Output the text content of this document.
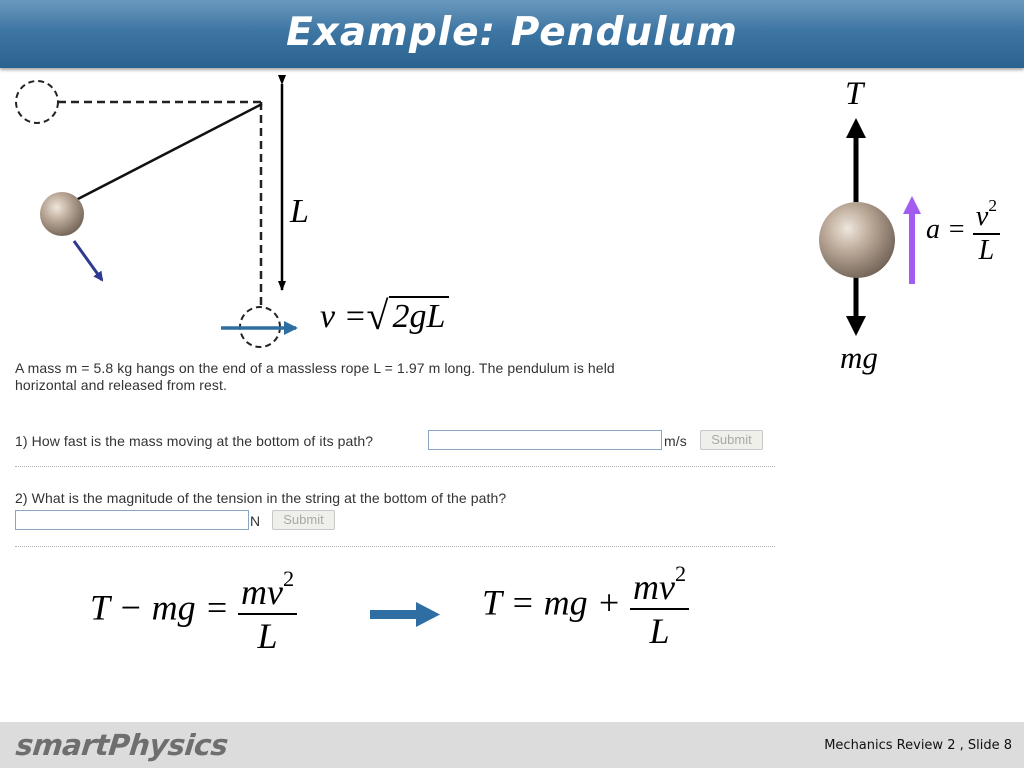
Example: Pendulum
L
v =√ 2gL
T
mg
$a = \frac{v^2}{L}$
A mass m = 5.8 kg hangs on the end of a massless rope L = 1.97 m long. The pendulum is held
horizontal and released from rest.
1) How fast is the mass moving at the bottom of its path?	m/s	Submit
2) What is the magnitude of the tension in the string at the bottom of the path?
N	Submit
T − mg = $\frac{mv^2}{L}$	T = mg + $\frac{mv^2}{L}$
smartPhysics	Mechanics Review 2 , Slide 8
